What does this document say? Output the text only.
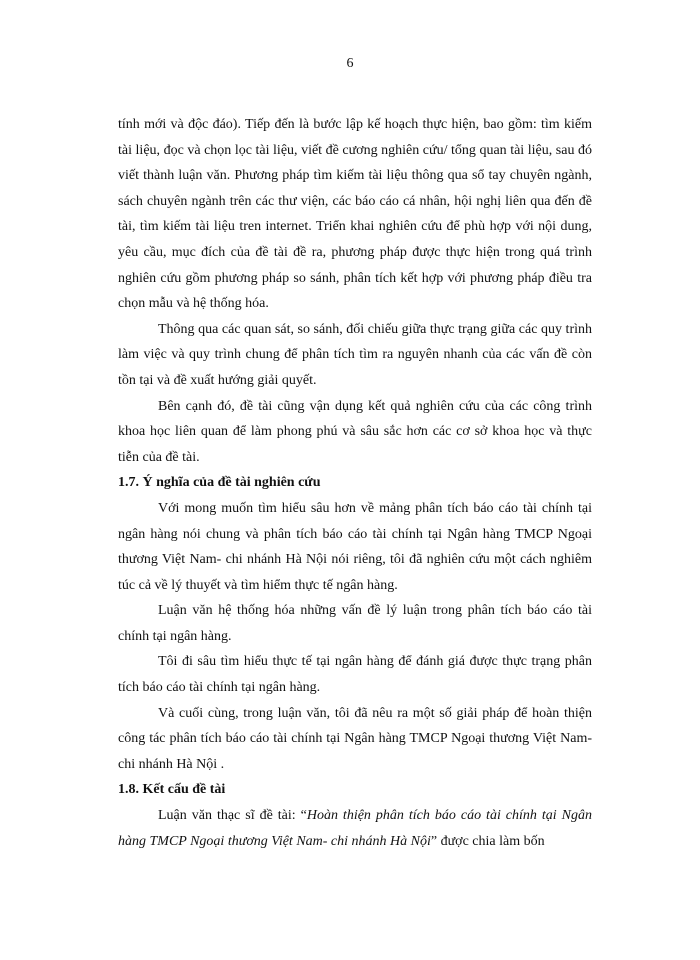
6

tính mới và độc đáo). Tiếp đến là bước lập kế hoạch thực hiện, bao gồm: tìm kiếm tài liệu, đọc và chọn lọc tài liệu, viết đề cương nghiên cứu/ tổng quan tài liệu, sau đó viết thành luận văn. Phương pháp tìm kiếm tài liệu thông qua sổ tay chuyên ngành, sách chuyên ngành trên các thư viện, các báo cáo cá nhân, hội nghị liên qua đến đề tài, tìm kiếm tài liệu tren internet. Triển khai nghiên cứu để phù hợp với nội dung, yêu cầu, mục đích của đề tài đề ra, phương pháp được thực hiện trong quá trình nghiên cứu gồm phương pháp so sánh, phân tích kết hợp với phương pháp điều tra chọn mẫu và hệ thống hóa.

Thông qua các quan sát, so sánh, đối chiếu giữa thực trạng giữa các quy trình làm việc và quy trình chung để phân tích tìm ra nguyên nhanh của các vấn đề còn tồn tại và đề xuất hướng giải quyết.

Bên cạnh đó, đề tài cũng vận dụng kết quả nghiên cứu của các công trình khoa học liên quan để làm phong phú và sâu sắc hơn các cơ sở khoa học và thực tiễn của đề tài.

1.7. Ý nghĩa của đề tài nghiên cứu

Với mong muốn tìm hiểu sâu hơn về mảng phân tích báo cáo tài chính tại ngân hàng nói chung và phân tích báo cáo tài chính tại Ngân hàng TMCP Ngoại thương Việt Nam- chi nhánh Hà Nội nói riêng, tôi đã nghiên cứu một cách nghiêm túc cả về lý thuyết và tìm hiểm thực tế ngân hàng.

Luận văn hệ thống hóa những vấn đề lý luận trong phân tích báo cáo tài chính tại ngân hàng.

Tôi đi sâu tìm hiểu thực tế tại ngân hàng để đánh giá được thực trạng phân tích báo cáo tài chính tại ngân hàng.

Và cuối cùng, trong luận văn, tôi đã nêu ra một số giải pháp để hoàn thiện công tác phân tích báo cáo tài chính tại Ngân hàng TMCP Ngoại thương Việt Nam- chi nhánh Hà Nội .

1.8. Kết cấu đề tài

Luận văn thạc sĩ đề tài: “Hoàn thiện phân tích báo cáo tài chính tại Ngân hàng TMCP Ngoại thương Việt Nam- chi nhánh Hà Nội” được chia làm bốn
